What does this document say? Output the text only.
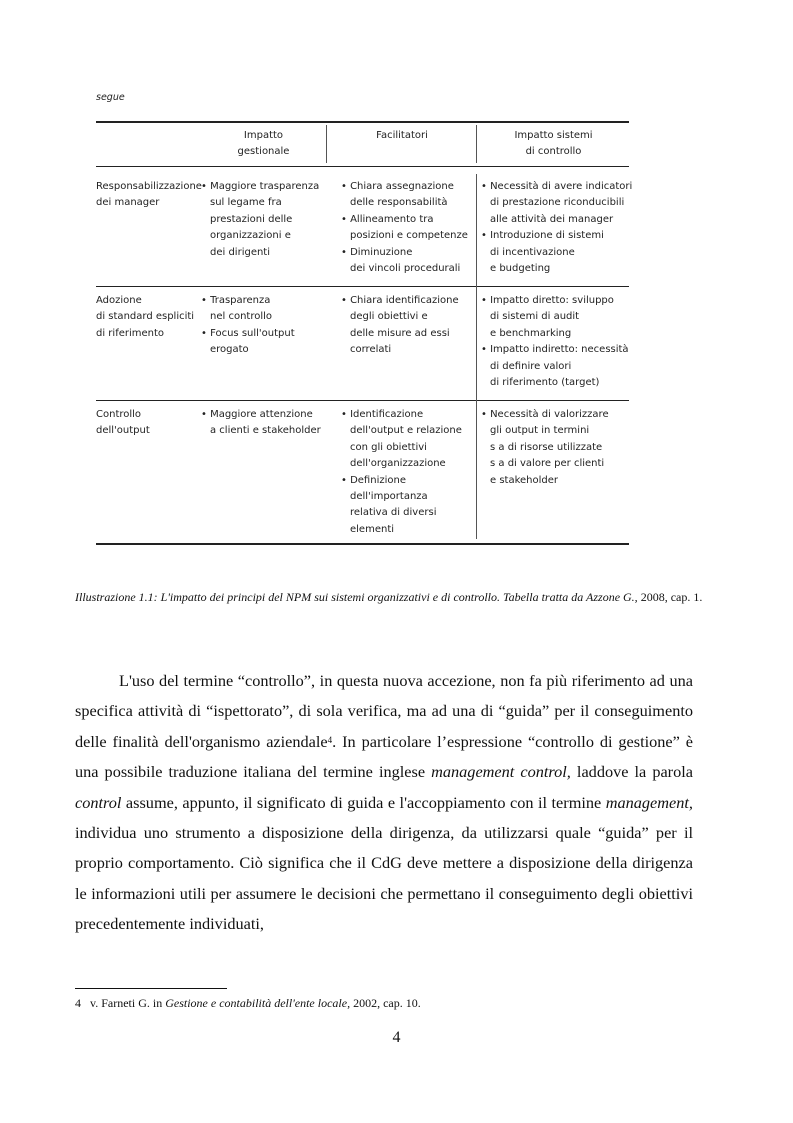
segue
Impatto
gestionale
Facilitatori	Impatto sistemi
di controllo
Responsabilizzazione
dei manager
• Maggiore trasparenza
sul legame fra
prestazioni delle
organizzazioni e
dei dirigenti
• Chiara assegnazione
delle responsabilità
• Allineamento tra
posizioni e competenze
• Diminuzione
dei vincoli procedurali
• Necessità di avere indicatori
di prestazione riconducibili
alle attività dei manager
• Introduzione di sistemi
di incentivazione
e budgeting
Adozione
di standard espliciti
di riferimento
• Trasparenza
nel controllo
• Focus sull'output
erogato
• Chiara identificazione
degli obiettivi e
delle misure ad essi
correlati
• Impatto diretto: sviluppo
di sistemi di audit
e benchmarking
• Impatto indiretto: necessità
di definire valori
di riferimento (target)
Controllo
dell'output
• Maggiore attenzione
a clienti e stakeholder
• Identificazione
dell'output e relazione
con gli obiettivi
dell'organizzazione
• Definizione
dell'importanza
relativa di diversi
elementi
• Necessità di valorizzare
gli output in termini
s a di risorse utilizzate
s a di valore per clienti
e stakeholder
Illustrazione 1.1: L'impatto dei principi del NPM sui sistemi organizzativi e di controllo. Tabella tratta da Azzone G., 2008, cap. 1.
L'uso del termine “controllo”, in questa nuova accezione, non fa più riferimento ad una specifica attività di “ispettorato”, di sola verifica, ma ad una di “guida” per il conseguimento delle finalità dell'organismo aziendale$^4$. In particolare l’espressione “controllo di gestione” è una possibile traduzione italiana del termine inglese management control, laddove la parola control assume, appunto, il significato di guida e l'accoppiamento con il termine management, individua uno strumento a disposizione della dirigenza, da utilizzarsi quale “guida” per il proprio comportamento. Ciò significa che il CdG deve mettere a disposizione della dirigenza le informazioni utili per assumere le decisioni che permettano il conseguimento degli obiettivi precedentemente individuati,
4 v. Farneti G. in Gestione e contabilità dell'ente locale, 2002, cap. 10.
4
